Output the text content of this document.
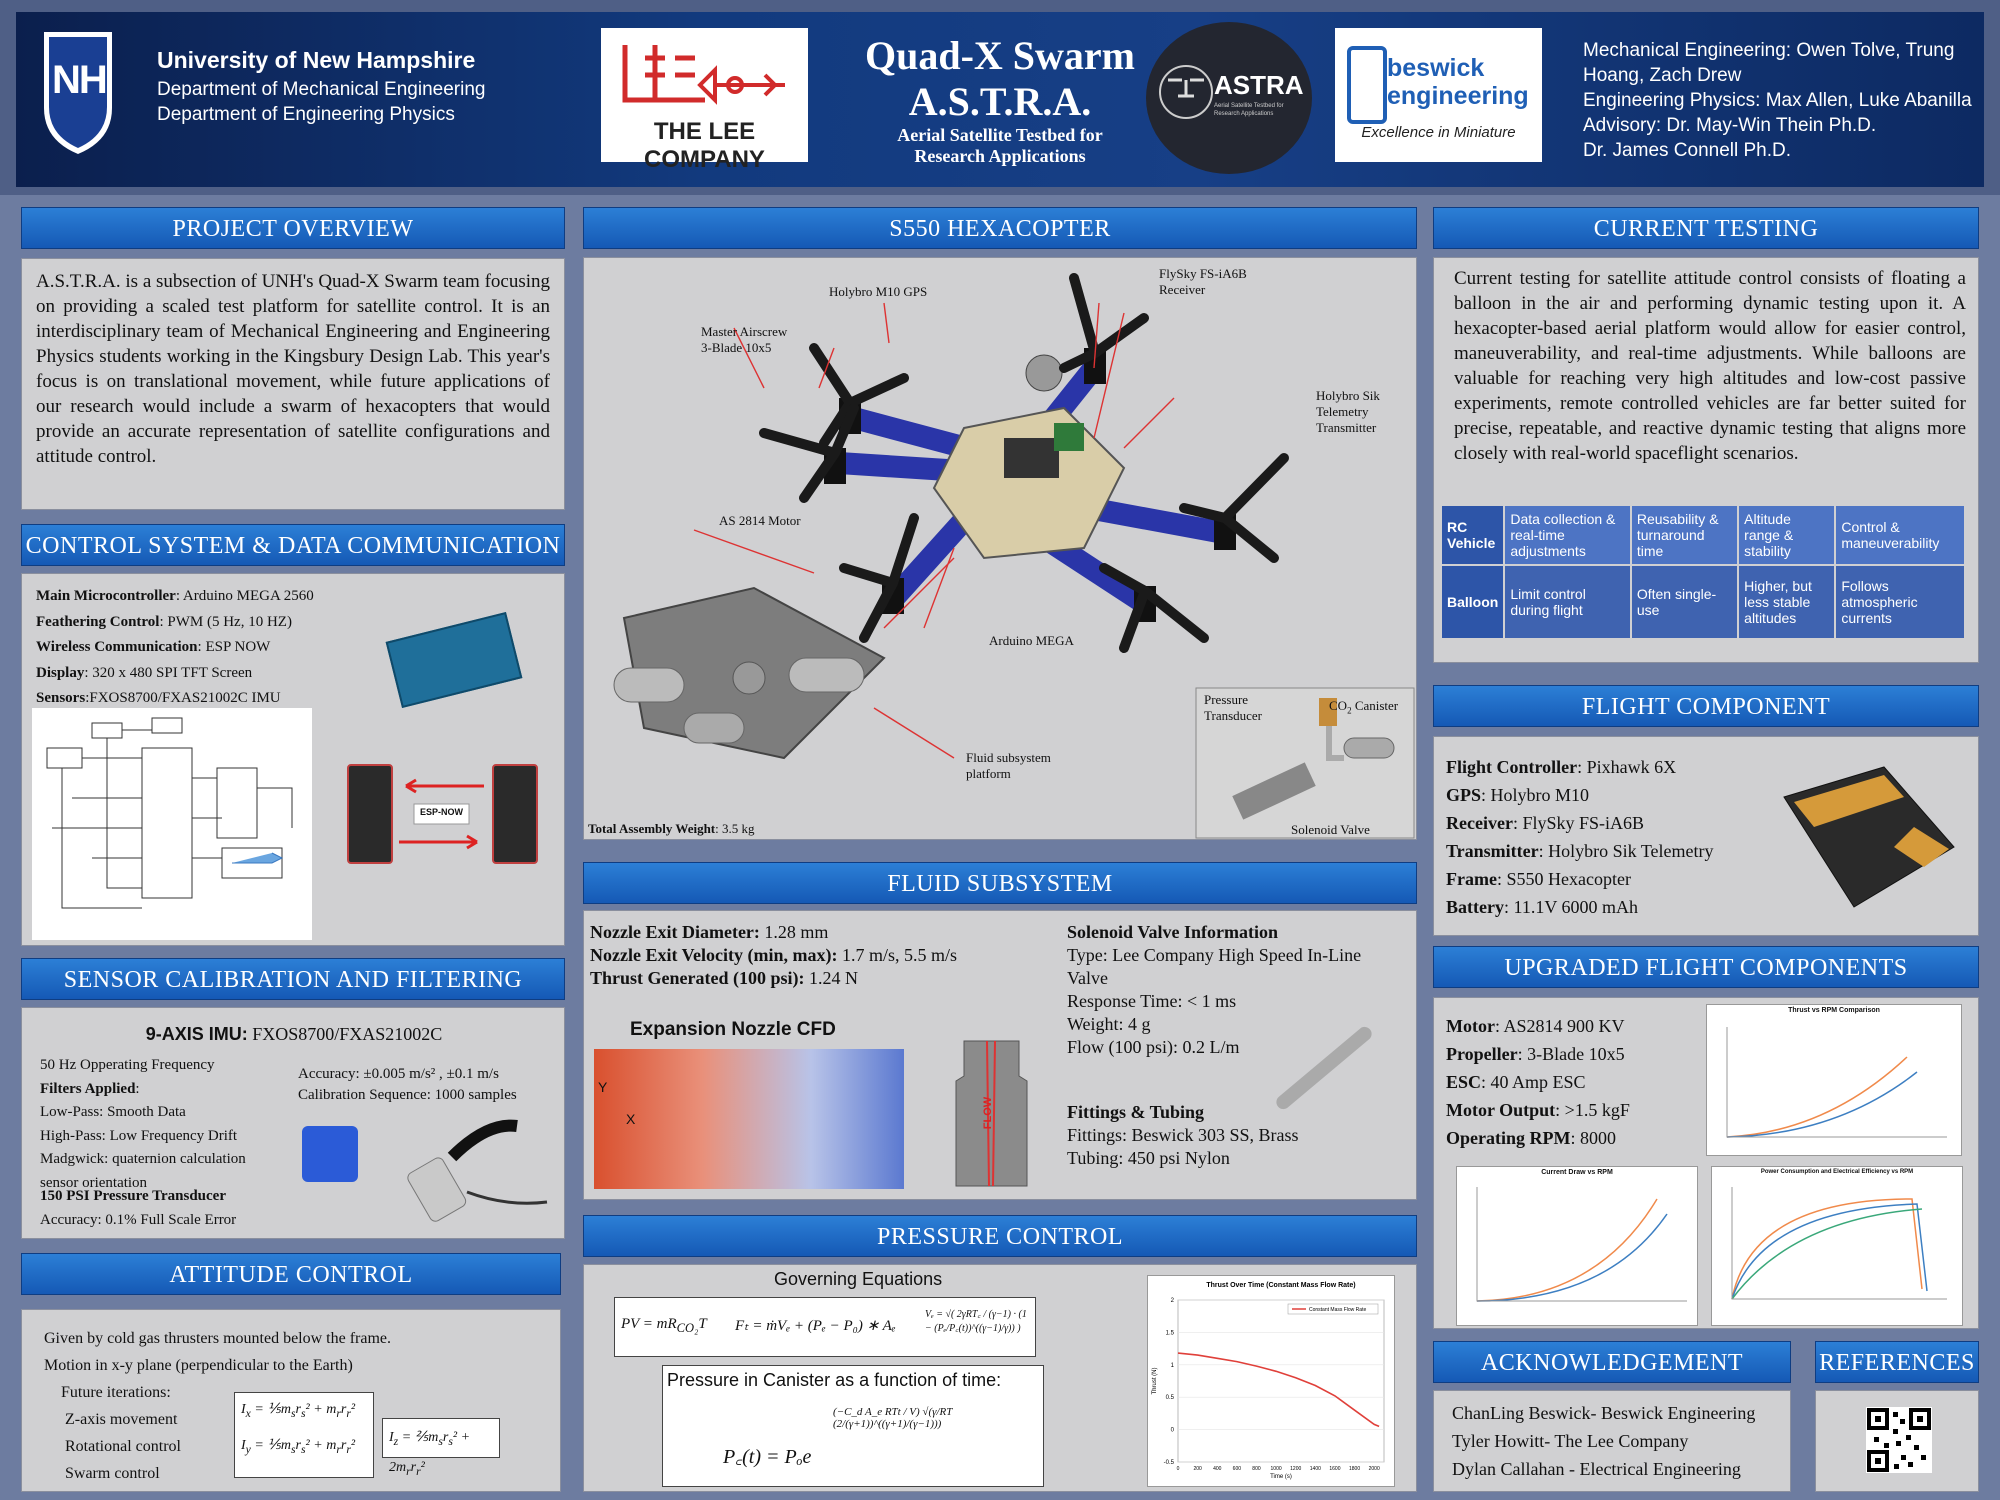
NH University of New Hampshire
Department of Mechanical Engineering
Department of Engineering Physics
THE LEE COMPANY
Quad-X Swarm
A.S.T.R.A.
Aerial Satellite Testbed for
Research Applications
ASTRA
Aerial Satellite Testbed for Research Applications
beswick
engineering
Excellence in Miniature
Mechanical Engineering: Owen Tolve, Trung
Hoang, Zach Drew
Engineering Physics: Max Allen, Luke Abanilla
Advisory: Dr. May-Win Thein Ph.D.
Dr. James Connell Ph.D.
PROJECT OVERVIEW
A.S.T.R.A. is a subsection of UNH's Quad-X Swarm team focusing on providing a scaled test platform for satellite control. It is an interdisciplinary team of Mechanical Engineering and Engineering Physics students working in the Kingsbury Design Lab. This year's focus is on translational movement, while future applications of our research would include a swarm of hexacopters that would provide an accurate representation of satellite configurations and attitude control.
CONTROL SYSTEM & DATA COMMUNICATION
Main Microcontroller: Arduino MEGA 2560
Feathering Control: PWM (5 Hz, 10 HZ)
Wireless Communication: ESP NOW
Display: 320 x 480 SPI TFT Screen
Sensors:FXOS8700/FXAS21002C IMU
ESP-NOW
SENSOR CALIBRATION AND FILTERING
9-AXIS IMU: FXOS8700/FXAS21002C
50 Hz Opperating Frequency
Filters Applied:
Low-Pass: Smooth Data
High-Pass: Low Frequency Drift
Madgwick: quaternion calculation
sensor orientation
Accuracy: ±0.005 m/s² , ±0.1 m/s
Calibration Sequence: 1000 samples
150 PSI Pressure Transducer
Accuracy: 0.1% Full Scale Error
ATTITUDE CONTROL
Given by cold gas thrusters mounted below the frame.
Motion in x-y plane (perpendicular to the Earth)
Future iterations:
Z-axis movement
Rotational control
Swarm control
$I_x$ = $\frac{1}{5}m_sr_s^2 + m_rr_r^2$
$I_y$ = $\frac{1}{5}m_sr_s^2 + m_rr_r^2$
$I_z$ = $\frac{2}{5}m_sr_s^2 + 2m_rr_r^2$
S550 HEXACOPTER
Holybro M10 GPS
FlySky FS-iA6B
Receiver
Master Airscrew
3-Blade 10x5
Holybro Sik
Telemetry
Transmitter
AS 2814 Motor
Arduino MEGA
Fluid subsystem
platform
Pressure
Transducer
$CO_2$ Canister
Solenoid Valve
Total Assembly Weight: 3.5 kg
FLUID SUBSYSTEM
Nozzle Exit Diameter: 1.28 mm
Nozzle Exit Velocity (min, max): 1.7 m/s, 5.5 m/s
Thrust Generated (100 psi): 1.24 N
Solenoid Valve Information
Type: Lee Company High Speed In-Line
Valve
Response Time: < 1 ms
Weight: 4 g
Flow (100 psi): 0.2 L/m
Fittings & Tubing
Fittings: Beswick 303 SS, Brass
Tubing: 450 psi Nylon
Expansion Nozzle CFD
Y
X	FLOW
PRESSURE CONTROL
Governing Equations
PV = $mR_{CO_2}T$ Fₜ = ṁVₑ + (Pₑ − P₀) ∗ Aₑ
Vₑ = √( 2γRT꜀ / (γ−1) · (1 − (Pₑ/P꜀(t))^((γ−1)/γ)) )
Pressure in Canister as a function of time:
P꜀(t) = Pₒe
(−C_d A_e RTt / V) √(γ/RT (2/(γ+1))^((γ+1)/(γ−1)))
Thrust Over Time (Constant Mass Flow Rate)
2
1.5
1
0.5
0
-0.5
0	200 400 600 800 1000 1200 1400 1600 1800 2000
Time (s)
Thrust (N)
Constant Mass Flow Rate
CURRENT TESTING
Current testing for satellite attitude control consists of floating a balloon in the air and performing dynamic testing upon it. A hexacopter-based aerial platform would allow for easier control, maneuverability, and real-time adjustments. While balloons are valuable for reaching very high altitudes and low-cost passive experiments, remote controlled vehicles are far better suited for precise, repeatable, and reactive dynamic testing that aligns more closely with real-world spaceflight scenarios.
RC Vehicle	Data collection & real-time adjustments	Reusability & turnaround time	Altitude range & stability	Control & maneuverability
Balloon	Limit control during flight	Often single-use	Higher, but less stable altitudes	Follows atmospheric currents
FLIGHT COMPONENT
Flight Controller: Pixhawk 6X
GPS: Holybro M10
Receiver: FlySky FS-iA6B
Transmitter: Holybro Sik Telemetry
Frame: S550 Hexacopter
Battery: 11.1V 6000 mAh
UPGRADED FLIGHT COMPONENTS
Motor: AS2814 900 KV
Propeller: 3-Blade 10x5
ESC: 40 Amp ESC
Motor Output: >1.5 kgF
Operating RPM: 8000
Thrust vs RPM Comparison
Current Draw vs RPM	Power Consumption and Electrical Efficiency vs RPM
ACKNOWLEDGEMENT
ChanLing Beswick- Beswick Engineering
Tyler Howitt- The Lee Company
Dylan Callahan - Electrical Engineering
REFERENCES
